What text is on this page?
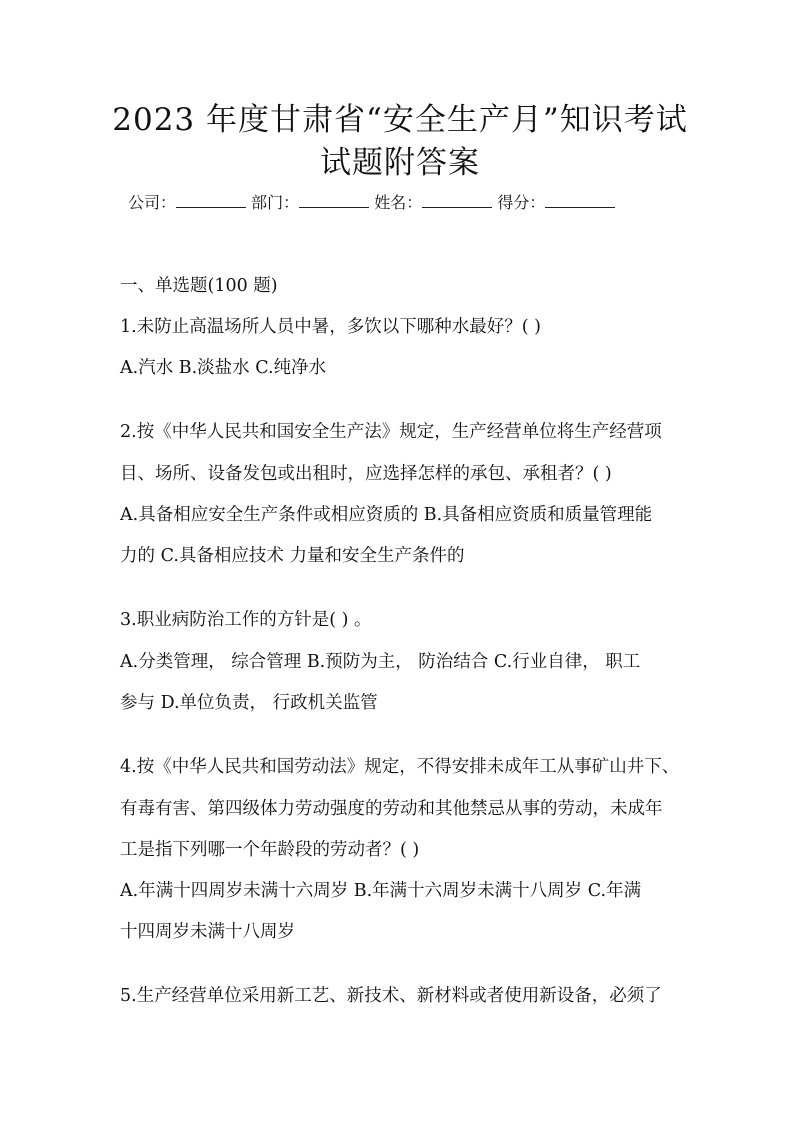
2023 年度甘肃省“安全生产月”知识考试
试题附答案
公司：	部门：	姓名：	得分：
一、单选题(100 题)
1.未防止高温场所人员中暑，多饮以下哪种水最好？( )
A.汽水 B.淡盐水 C.纯净水
2.按《中华人民共和国安全生产法》规定，生产经营单位将生产经营项
目、场所、设备发包或出租时，应选择怎样的承包、承租者？( )
A.具备相应安全生产条件或相应资质的 B.具备相应资质和质量管理能
力的 C.具备相应技术 力量和安全生产条件的
3.职业病防治工作的方针是( ) 。
A.分类管理， 综合管理 B.预防为主， 防治结合 C.行业自律， 职工
参与 D.单位负责， 行政机关监管
4.按《中华人民共和国劳动法》规定，不得安排未成年工从事矿山井下、
有毒有害、第四级体力劳动强度的劳动和其他禁忌从事的劳动，未成年
工是指下列哪一个年龄段的劳动者？( )
A.年满十四周岁未满十六周岁 B.年满十六周岁未满十八周岁 C.年满
十四周岁未满十八周岁
5.生产经营单位采用新工艺、新技术、新材料或者使用新设备，必须了
